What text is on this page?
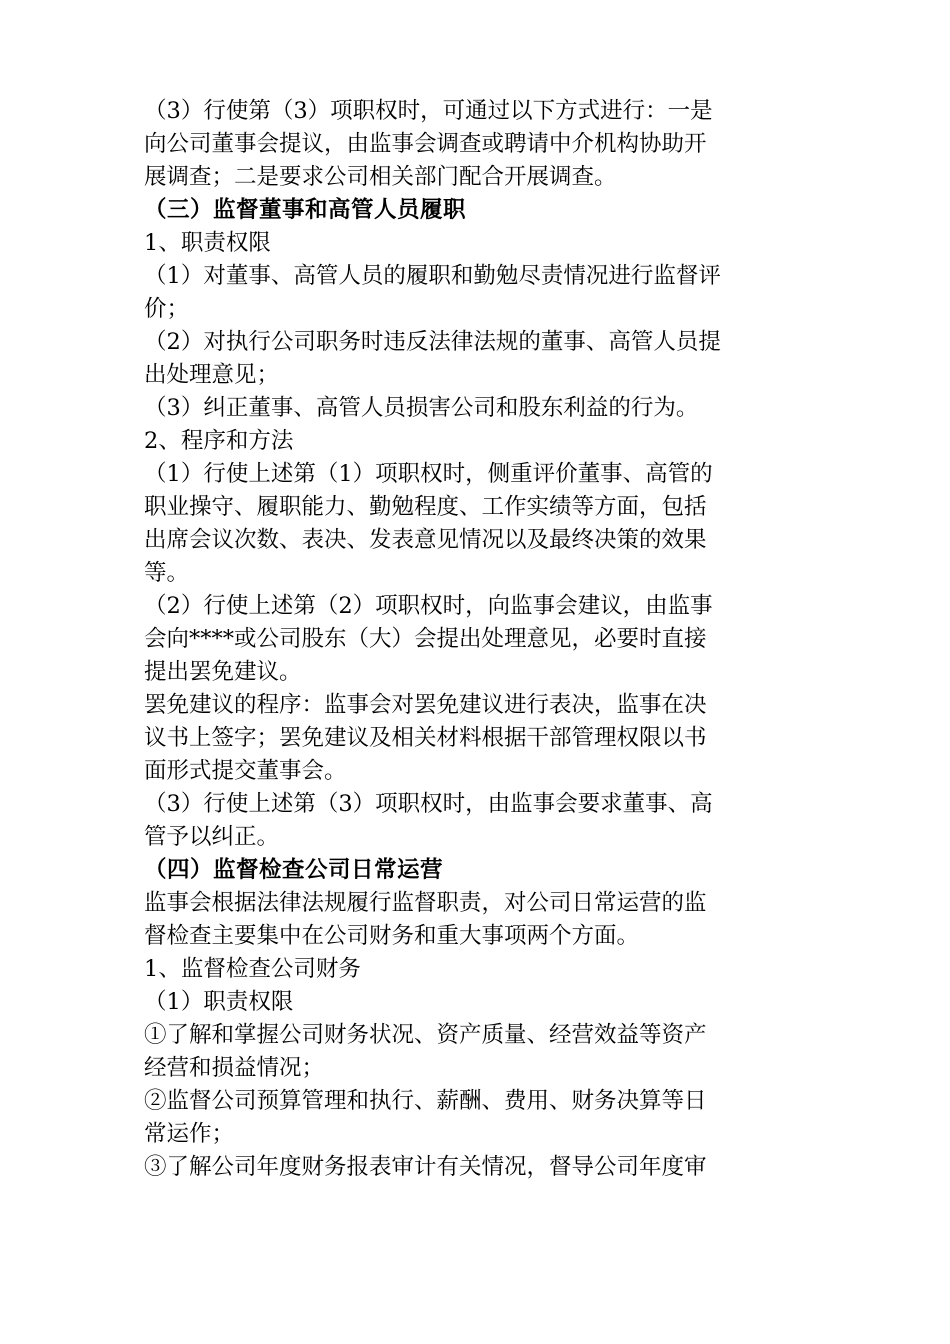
（3）行使第（3）项职权时，可通过以下方式进行：一是
向公司董事会提议，由监事会调查或聘请中介机构协助开
展调查；二是要求公司相关部门配合开展调查。
（三）监督董事和高管人员履职
1、职责权限
（1）对董事、高管人员的履职和勤勉尽责情况进行监督评
价；
（2）对执行公司职务时违反法律法规的董事、高管人员提
出处理意见；
（3）纠正董事、高管人员损害公司和股东利益的行为。
2、程序和方法
（1）行使上述第（1）项职权时，侧重评价董事、高管的
职业操守、履职能力、勤勉程度、工作实绩等方面，包括
出席会议次数、表决、发表意见情况以及最终决策的效果
等。
（2）行使上述第（2）项职权时，向监事会建议，由监事
会向****或公司股东（大）会提出处理意见，必要时直接
提出罢免建议。
罢免建议的程序：监事会对罢免建议进行表决，监事在决
议书上签字；罢免建议及相关材料根据干部管理权限以书
面形式提交董事会。
（3）行使上述第（3）项职权时，由监事会要求董事、高
管予以纠正。
（四）监督检查公司日常运营
监事会根据法律法规履行监督职责，对公司日常运营的监
督检查主要集中在公司财务和重大事项两个方面。
1、监督检查公司财务
（1）职责权限
①了解和掌握公司财务状况、资产质量、经营效益等资产
经营和损益情况；
②监督公司预算管理和执行、薪酬、费用、财务决算等日
常运作；
③了解公司年度财务报表审计有关情况，督导公司年度审
